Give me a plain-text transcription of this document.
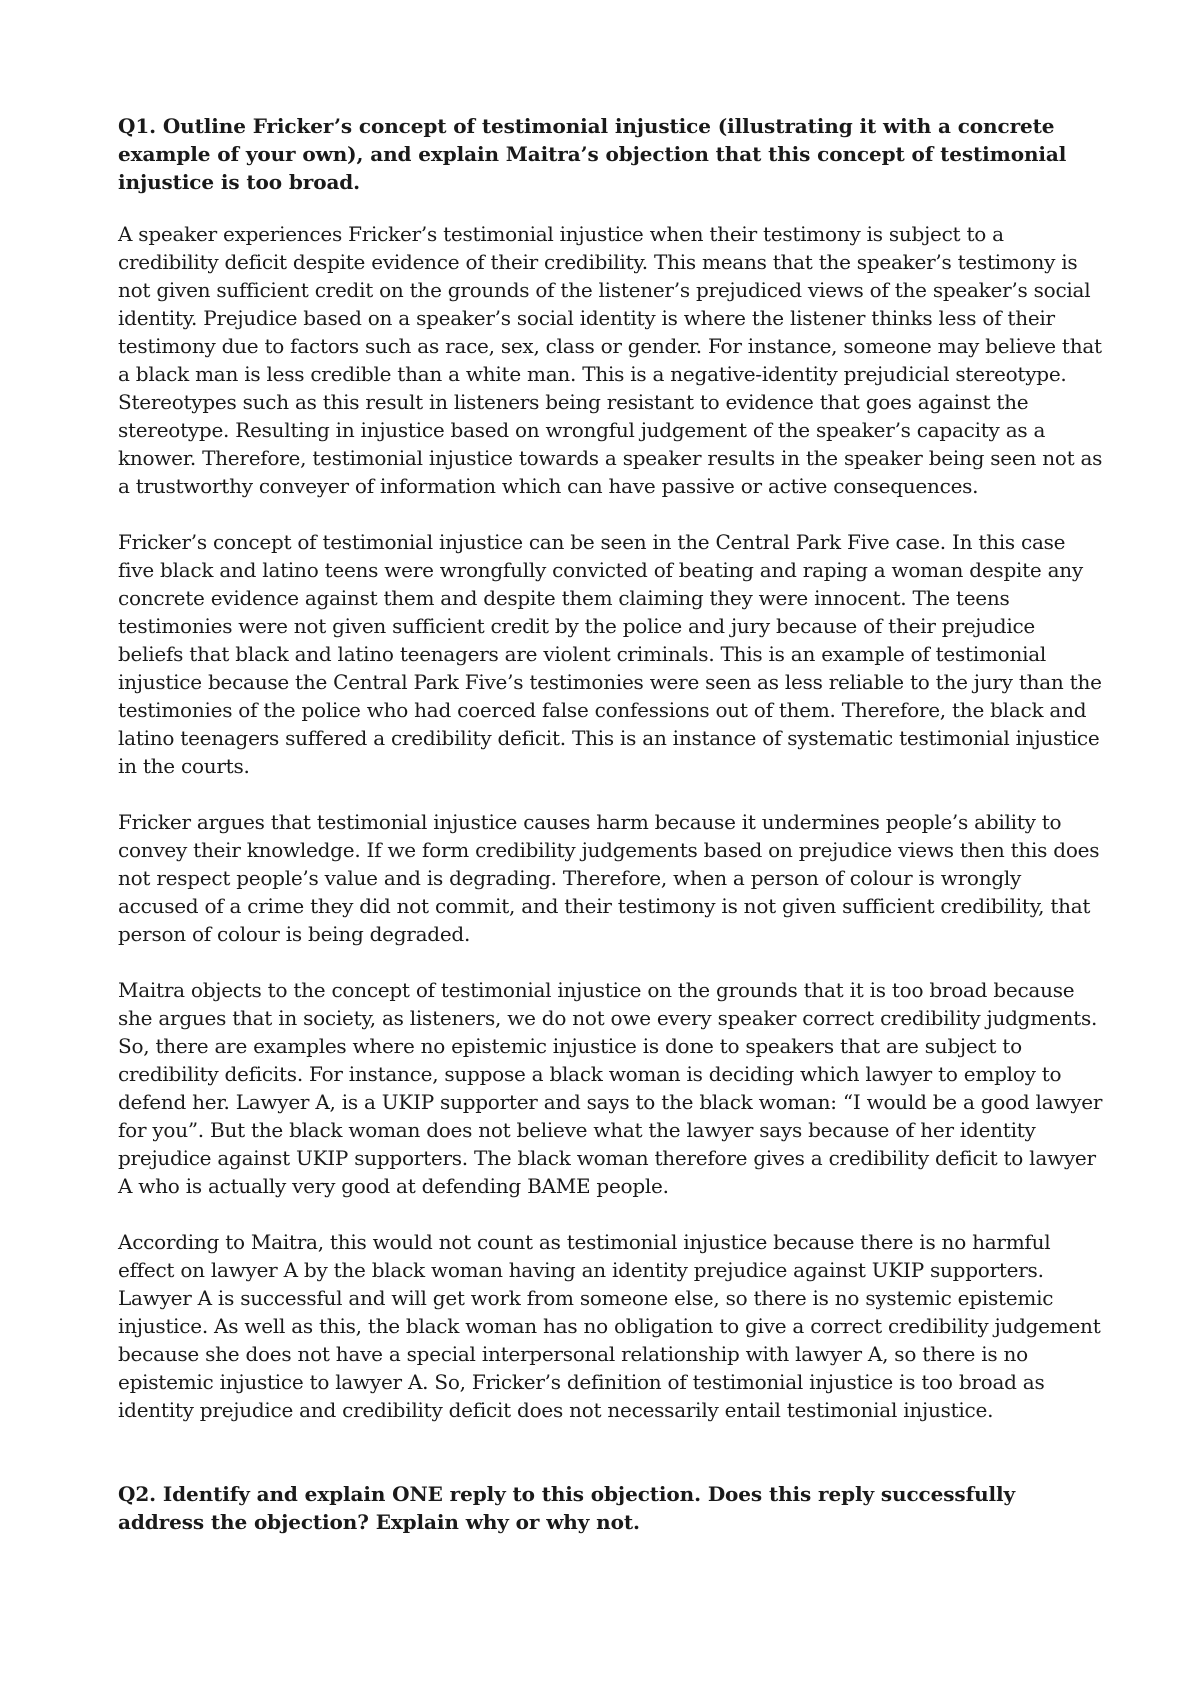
Q1. Outline Fricker’s concept of testimonial injustice (illustrating it with a concrete example of your own), and explain Maitra’s objection that this concept of testimonial injustice is too broad.

A speaker experiences Fricker’s testimonial injustice when their testimony is subject to a credibility deficit despite evidence of their credibility. This means that the speaker’s testimony is not given sufficient credit on the grounds of the listener’s prejudiced views of the speaker’s social identity. Prejudice based on a speaker’s social identity is where the listener thinks less of their testimony due to factors such as race, sex, class or gender. For instance, someone may believe that a black man is less credible than a white man. This is a negative-identity prejudicial stereotype. Stereotypes such as this result in listeners being resistant to evidence that goes against the stereotype. Resulting in injustice based on wrongful judgement of the speaker’s capacity as a knower. Therefore, testimonial injustice towards a speaker results in the speaker being seen not as a trustworthy conveyer of information which can have passive or active consequences.

Fricker’s concept of testimonial injustice can be seen in the Central Park Five case. In this case five black and latino teens were wrongfully convicted of beating and raping a woman despite any concrete evidence against them and despite them claiming they were innocent. The teens testimonies were not given sufficient credit by the police and jury because of their prejudice beliefs that black and latino teenagers are violent criminals. This is an example of testimonial injustice because the Central Park Five’s testimonies were seen as less reliable to the jury than the testimonies of the police who had coerced false confessions out of them. Therefore, the black and latino teenagers suffered a credibility deficit. This is an instance of systematic testimonial injustice in the courts.

Fricker argues that testimonial injustice causes harm because it undermines people’s ability to convey their knowledge. If we form credibility judgements based on prejudice views then this does not respect people’s value and is degrading. Therefore, when a person of colour is wrongly accused of a crime they did not commit, and their testimony is not given sufficient credibility, that person of colour is being degraded.

Maitra objects to the concept of testimonial injustice on the grounds that it is too broad because she argues that in society, as listeners, we do not owe every speaker correct credibility judgments. So, there are examples where no epistemic injustice is done to speakers that are subject to credibility deficits. For instance, suppose a black woman is deciding which lawyer to employ to defend her. Lawyer A, is a UKIP supporter and says to the black woman: “I would be a good lawyer for you”. But the black woman does not believe what the lawyer says because of her identity prejudice against UKIP supporters. The black woman therefore gives a credibility deficit to lawyer A who is actually very good at defending BAME people.

According to Maitra, this would not count as testimonial injustice because there is no harmful effect on lawyer A by the black woman having an identity prejudice against UKIP supporters. Lawyer A is successful and will get work from someone else, so there is no systemic epistemic injustice. As well as this, the black woman has no obligation to give a correct credibility judgement because she does not have a special interpersonal relationship with lawyer A, so there is no epistemic injustice to lawyer A. So, Fricker’s definition of testimonial injustice is too broad as identity prejudice and credibility deficit does not necessarily entail testimonial injustice.

Q2. Identify and explain ONE reply to this objection. Does this reply successfully address the objection? Explain why or why not.
